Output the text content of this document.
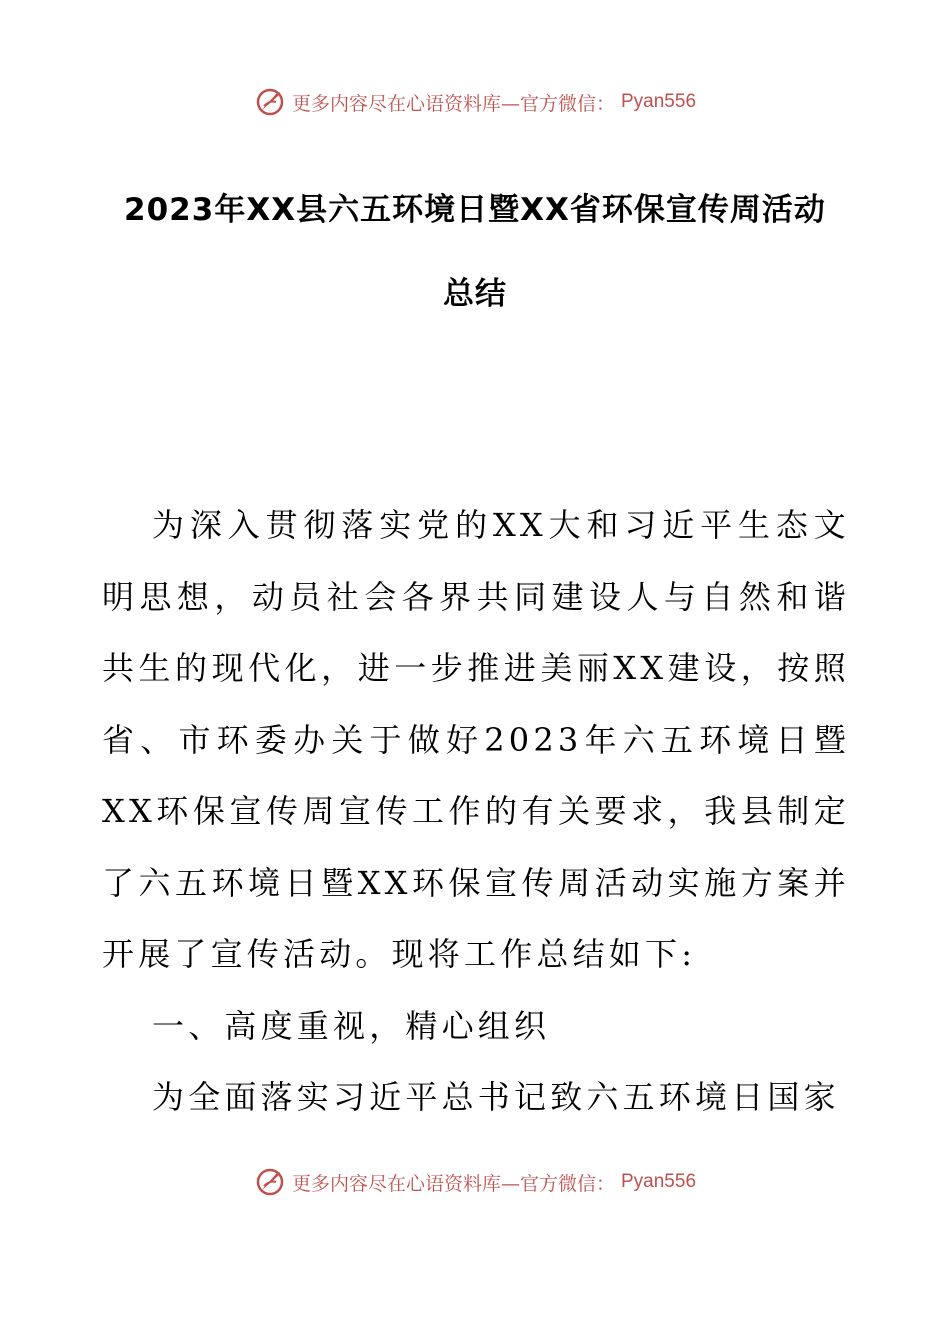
更多内容尽在心语资料库—官方微信： Pyan556
2023年XX县六五环境日暨XX省环保宣传周活动
总结

为深入贯彻落实党的XX大和习近平生态文明思想，动员社会各界共同建设人与自然和谐共生的现代化，进一步推进美丽XX建设，按照省、市环委办关于做好2023年六五环境日暨XX环保宣传周宣传工作的有关要求，我县制定了六五环境日暨XX环保宣传周活动实施方案并开展了宣传活动。现将工作总结如下:

一、高度重视，精心组织

为全面落实习近平总书记致六五环境日国家

更多内容尽在心语资料库—官方微信： Pyan556
